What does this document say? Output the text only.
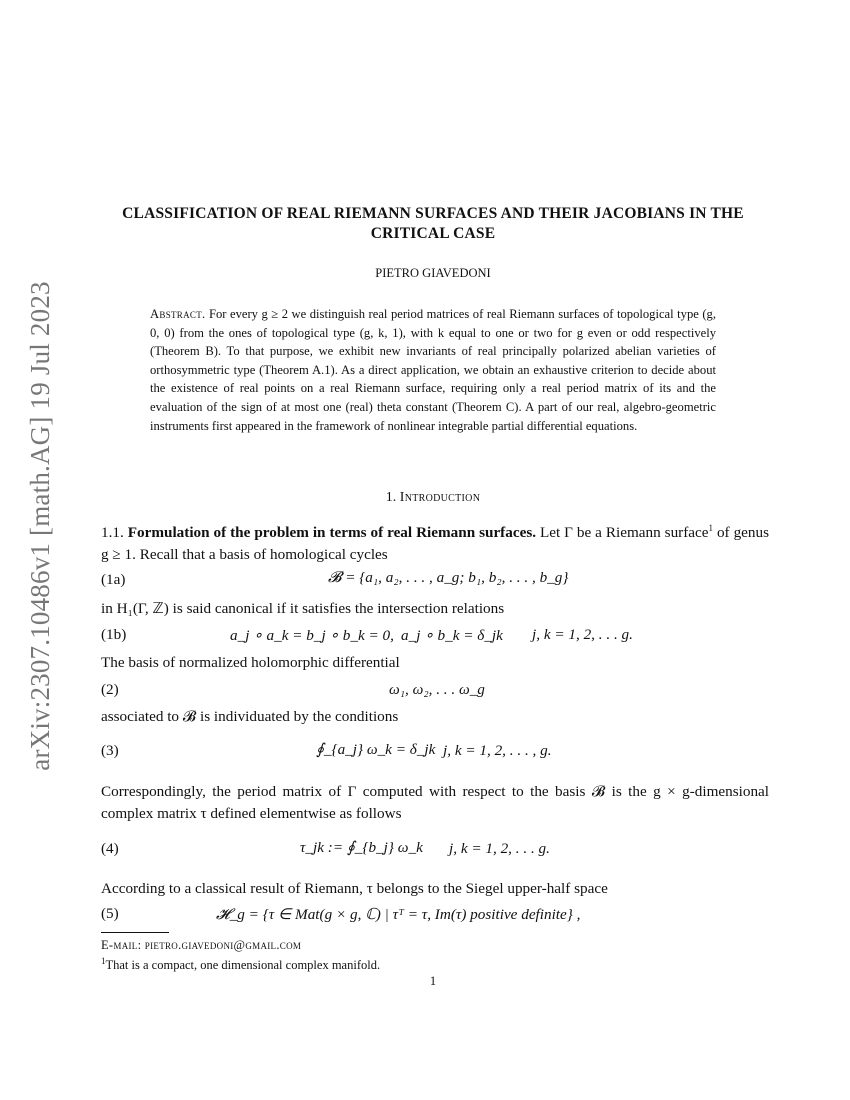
arXiv:2307.10486v1 [math.AG] 19 Jul 2023
CLASSIFICATION OF REAL RIEMANN SURFACES AND THEIR JACOBIANS IN THE CRITICAL CASE
PIETRO GIAVEDONI
Abstract. For every g ≥ 2 we distinguish real period matrices of real Riemann surfaces of topological type (g, 0, 0) from the ones of topological type (g, k, 1), with k equal to one or two for g even or odd respectively (Theorem B). To that purpose, we exhibit new invariants of real principally polarized abelian varieties of orthosymmetric type (Theorem A.1). As a direct application, we obtain an exhaustive criterion to decide about the existence of real points on a real Riemann surface, requiring only a real period matrix of its and the evaluation of the sign of at most one (real) theta constant (Theorem C). A part of our real, algebro-geometric instruments first appeared in the framework of nonlinear integrable partial differential equations.
1. Introduction
1.1. Formulation of the problem in terms of real Riemann surfaces. Let Γ be a Riemann surface$^1$ of genus g ≥ 1. Recall that a basis of homological cycles
(1a)	𝓑 = {a₁, a₂, . . . , a_g; b₁, b₂, . . . , b_g}
in H₁(Γ, ℤ) is said canonical if it satisfies the intersection relations
(1b)	a_j ∘ a_k = b_j ∘ b_k = 0, a_j ∘ b_k = δ_jk j, k = 1, 2, . . . g.
The basis of normalized holomorphic differential
(2)	ω₁, ω₂, . . . ω_g
associated to 𝓑 is individuated by the conditions
(3)	∮_{a_j} ω_k = δ_jk j, k = 1, 2, . . . , g.
Correspondingly, the period matrix of Γ computed with respect to the basis 𝓑 is the g × g-dimensional complex matrix τ defined elementwise as follows
(4)	τ_jk := ∮_{b_j} ω_k j, k = 1, 2, . . . g.
According to a classical result of Riemann, τ belongs to the Siegel upper-half space
(5)	𝓗_g = {τ ∈ Mat(g × g, ℂ) | τᵀ = τ, Im(τ) positive definite} ,
E-mail: pietro.giavedoni@gmail.com
$^1$That is a compact, one dimensional complex manifold.
1
